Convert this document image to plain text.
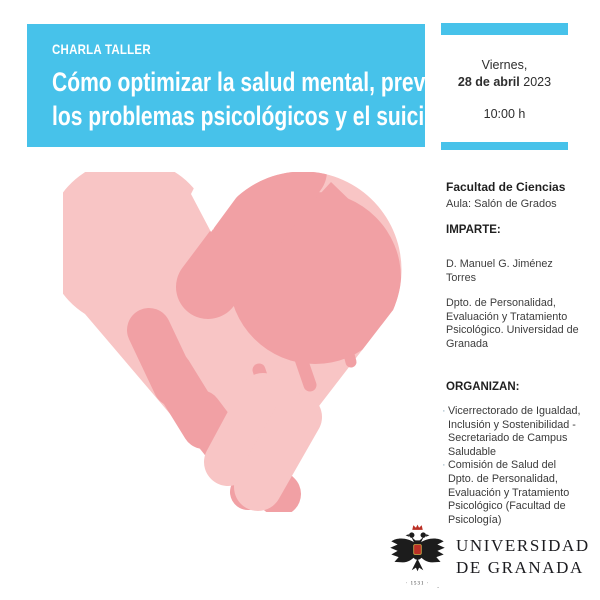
CHARLA TALLER
Cómo optimizar la salud mental, prevenir
los problemas psicológicos y el suicidio
Viernes,
28 de abril 2023
10:00 h
Facultad de Ciencias
Aula: Salón de Grados
IMPARTE:
D. Manuel G. Jiménez Torres
Dpto. de Personalidad, Evaluación y Tratamiento Psicológico. Universidad de Granada
ORGANIZAN:
· Vicerrectorado de Igualdad, Inclusión y Sostenibilidad - Secretariado de Campus Saludable
· Comisión de Salud del Dpto. de Personalidad, Evaluación y Tratamiento Psicológico (Facultad de Psicología)
· 1531 ·
UNIVERSIDAD
DE GRANADA
